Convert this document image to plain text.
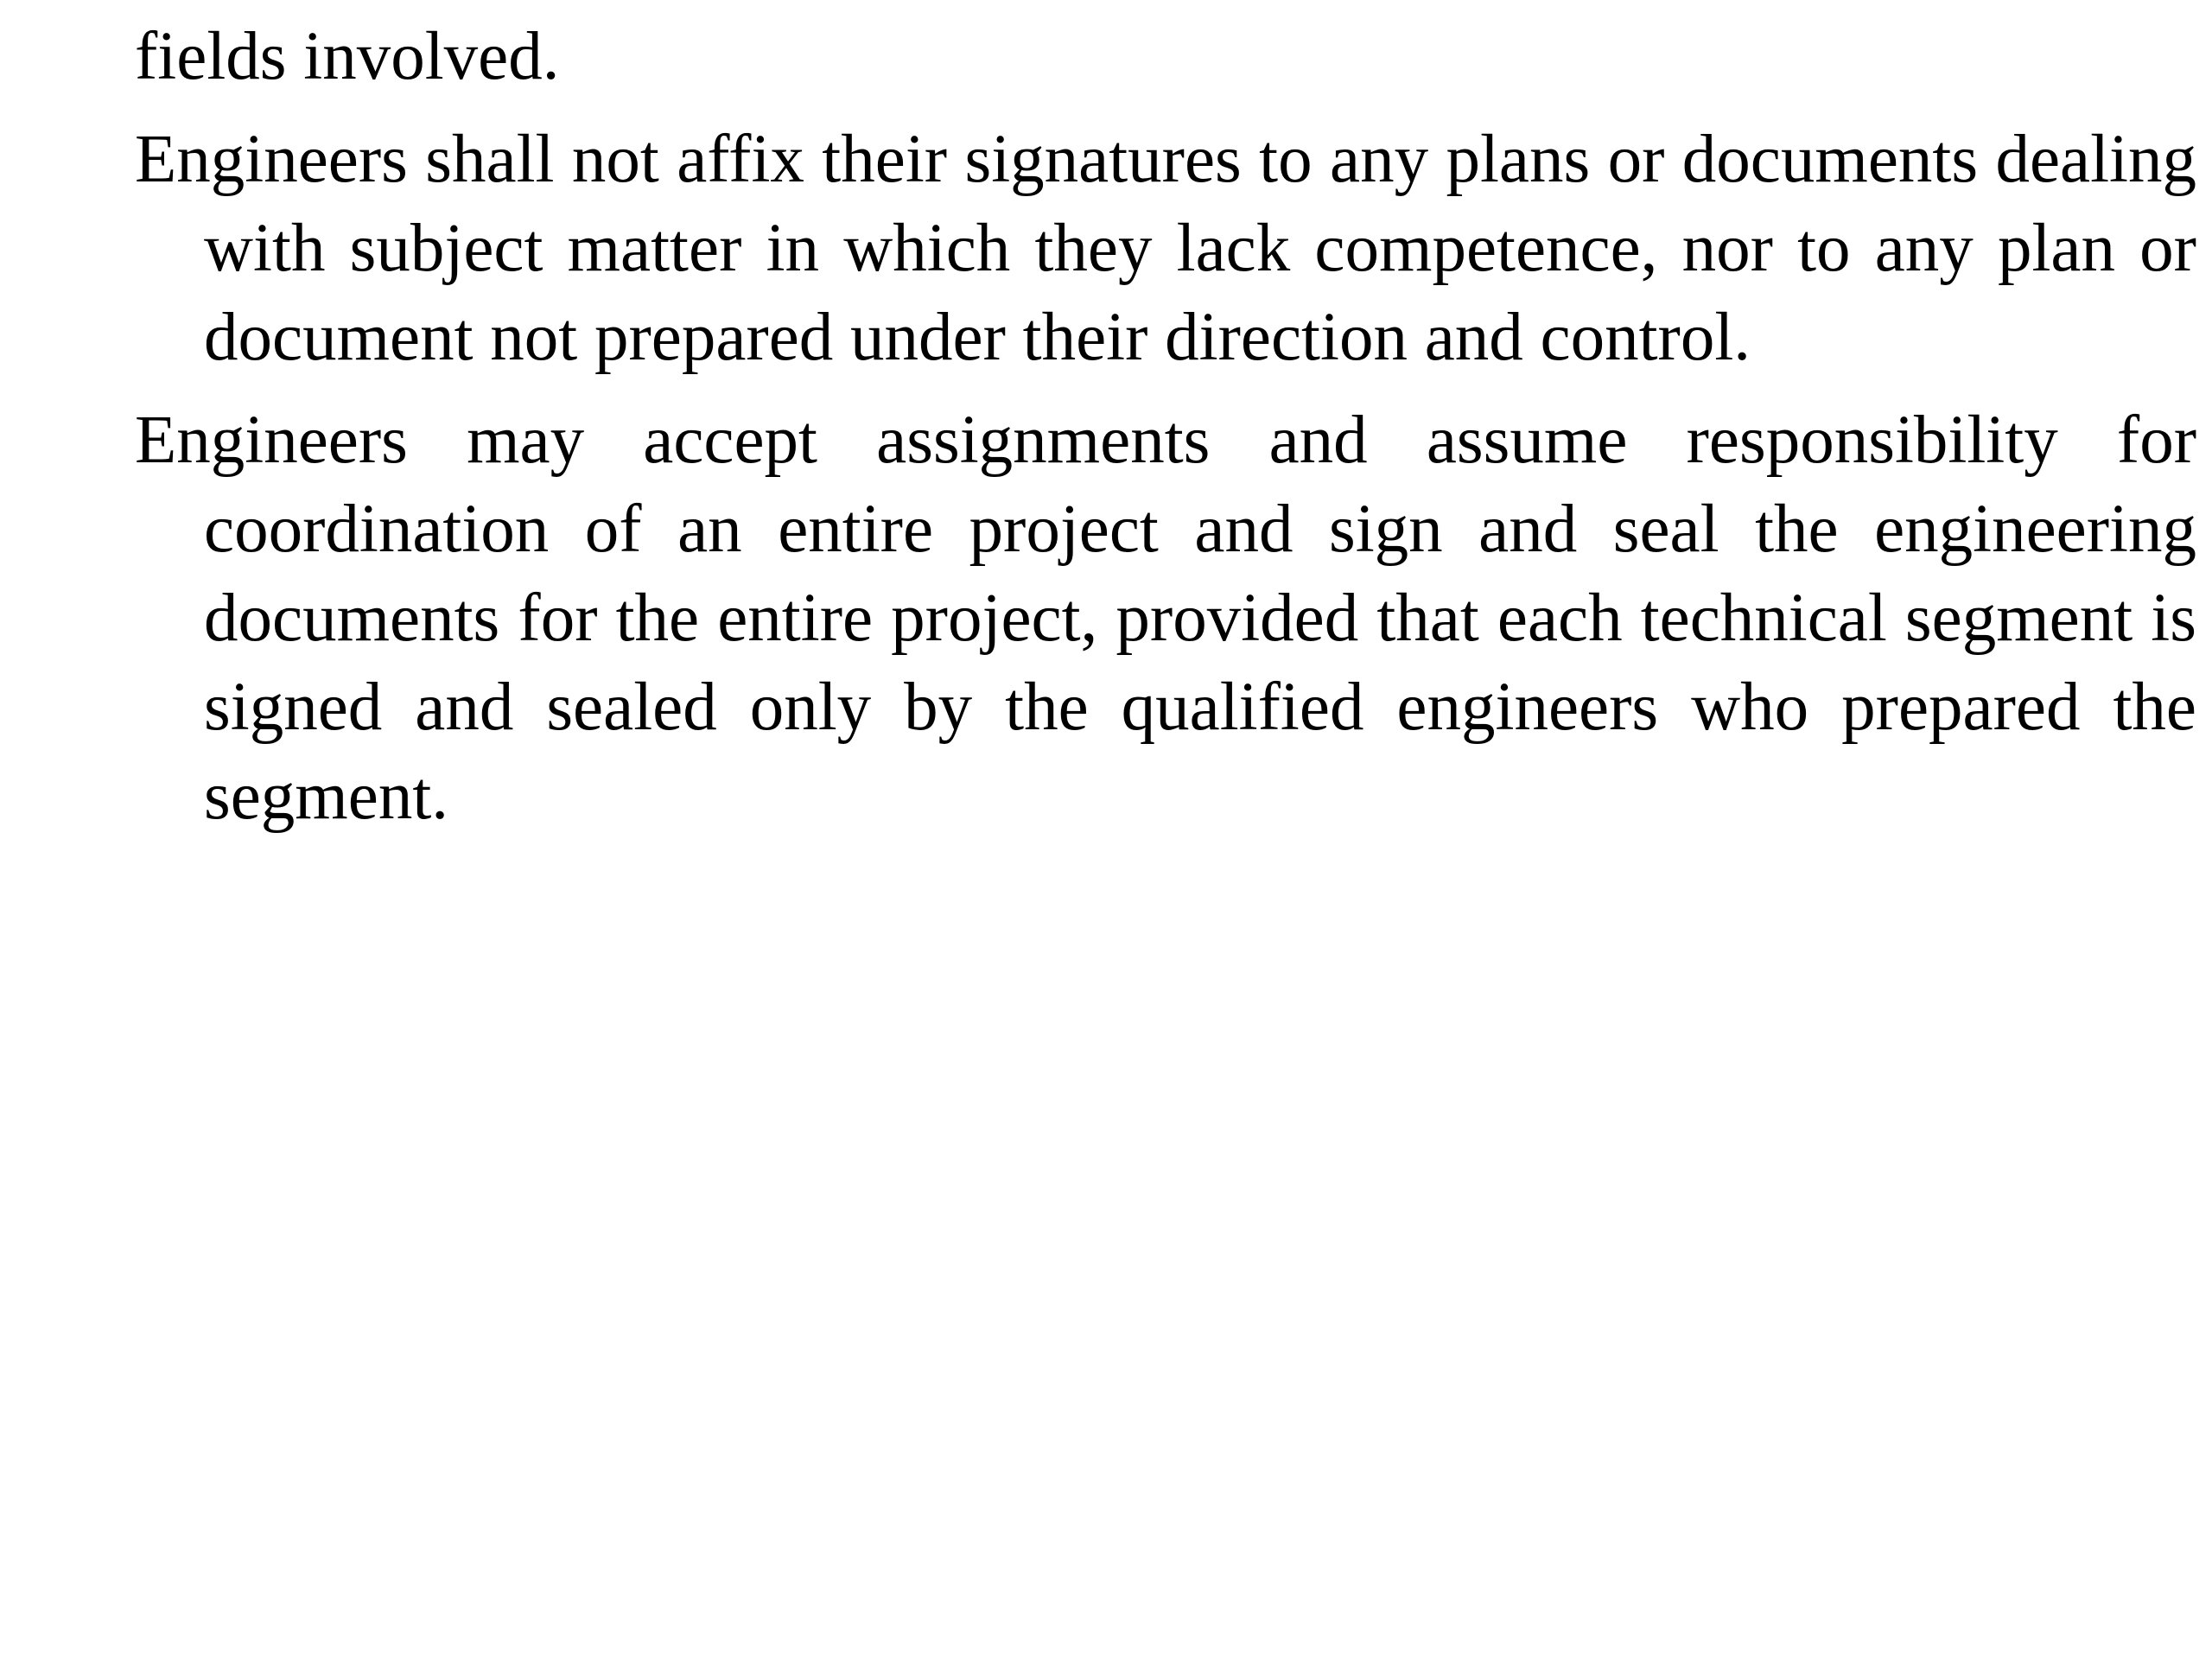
fields involved.

Engineers shall not affix their signatures to any plans or documents dealing with subject matter in which they lack competence, nor to any plan or document not prepared under their direction and control.

Engineers may accept assignments and assume responsibility for coordination of an entire project and sign and seal the engineering documents for the entire project, provided that each technical segment is signed and sealed only by the qualified engineers who prepared the segment.
